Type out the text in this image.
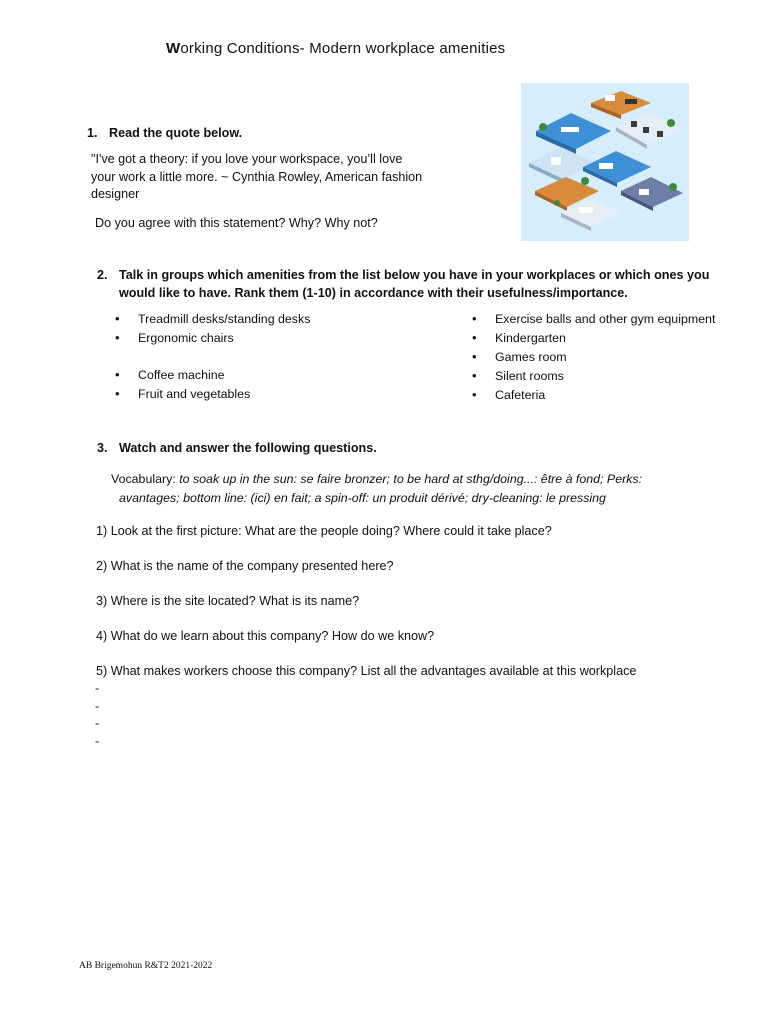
Working Conditions- Modern workplace amenities
1. Read the quote below.
"I've got a theory: if you love your workspace, you’ll love
your work a little more. ~ Cynthia Rowley, American fashion
designer
Do you agree with this statement? Why? Why not?
2. Talk in groups which amenities from the list below you have in your workplaces or which ones you
would like to have. Rank them (1-10) in accordance with their usefulness/importance.
• Treadmill desks/standing desks
• Ergonomic chairs
• Coffee machine
• Fruit and vegetables
• Exercise balls and other gym equipment
• Kindergarten
• Games room
• Silent rooms
• Cafeteria
3. Watch and answer the following questions.
Vocabulary: to soak up in the sun: se faire bronzer; to be hard at sthg/doing...: être à fond; Perks:
avantages; bottom line: (ici) en fait; a spin-off: un produit dérivé; dry-cleaning: le pressing
1) Look at the first picture: What are the people doing? Where could it take place?
2) What is the name of the company presented here?
3) Where is the site located? What is its name?
4) What do we learn about this company? How do we know?
5) What makes workers choose this company? List all the advantages available at this workplace
-
-
-
-
AB Brigemohun R&T2 2021-2022
